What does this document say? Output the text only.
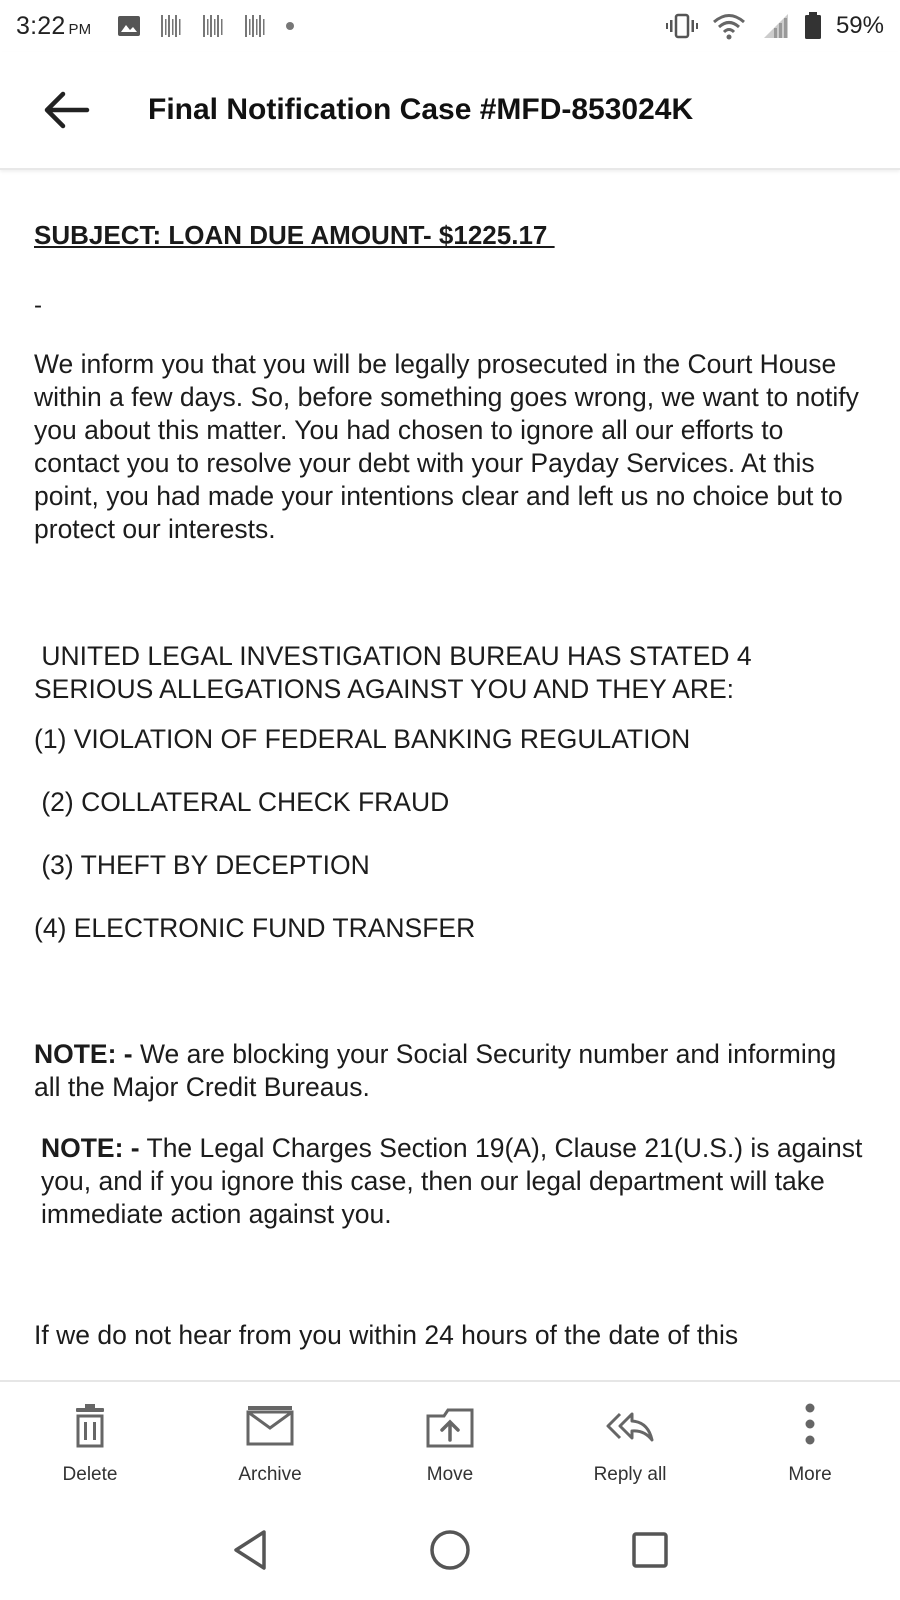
3:22 PM	59%
Final Notification Case #MFD-853024K
SUBJECT: LOAN DUE AMOUNT- $1225.17
-
We inform you that you will be legally prosecuted in the Court House within a few days. So, before something goes wrong, we want to notify you about this matter. You had chosen to ignore all our efforts to contact you to resolve your debt with your Payday Services. At this point, you had made your intentions clear and left us no choice but to protect our interests.
UNITED LEGAL INVESTIGATION BUREAU HAS STATED 4 SERIOUS ALLEGATIONS AGAINST YOU AND THEY ARE:
(1) VIOLATION OF FEDERAL BANKING REGULATION
(2) COLLATERAL CHECK FRAUD
(3) THEFT BY DECEPTION
(4) ELECTRONIC FUND TRANSFER
NOTE: - We are blocking your Social Security number and informing all the Major Credit Bureaus.
NOTE: - The Legal Charges Section 19(A), Clause 21(U.S.) is against you, and if you ignore this case, then our legal department will take immediate action against you.
If we do not hear from you within 24 hours of the date of this
Delete	Archive	Move	Reply all	More
